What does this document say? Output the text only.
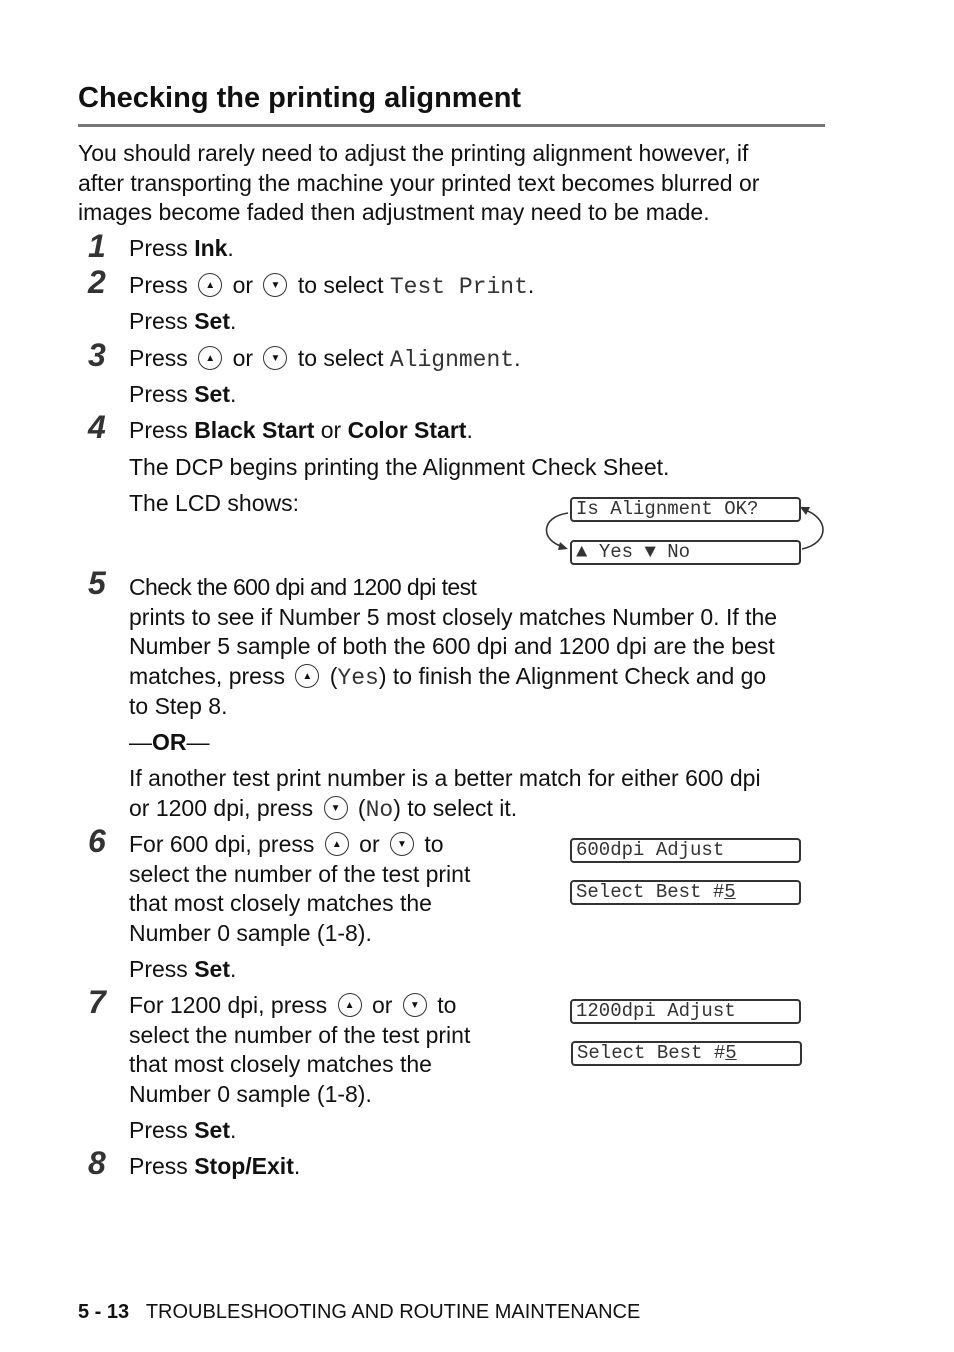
Checking the printing alignment
You should rarely need to adjust the printing alignment however, if
after transporting the machine your printed text becomes blurred or
images become faded then adjustment may need to be made.
1 Press Ink.
2 Press ▲ or ▼ to select Test Print.
Press Set.
3 Press ▲ or ▼ to select Alignment.
Press Set.
4 Press Black Start or Color Start.
The DCP begins printing the Alignment Check Sheet.
The LCD shows:	Is Alignment OK?
▲ Yes ▼ No
5 Check the 600 dpi and 1200 dpi test
prints to see if Number 5 most closely matches Number 0. If the
Number 5 sample of both the 600 dpi and 1200 dpi are the best
matches, press ▲ (Yes) to finish the Alignment Check and go
to Step 8.
—OR—
If another test print number is a better match for either 600 dpi
or 1200 dpi, press ▼ (No) to select it.
6 For 600 dpi, press ▲ or ▼ to
select the number of the test print
that most closely matches the
Number 0 sample (1-8).
Press Set.
600dpi Adjust
Select Best #5
7 For 1200 dpi, press ▲ or ▼ to
select the number of the test print
that most closely matches the
Number 0 sample (1-8).
Press Set.
1200dpi Adjust
Select Best #5
8 Press Stop/Exit.
5 - 13 TROUBLESHOOTING AND ROUTINE MAINTENANCE
